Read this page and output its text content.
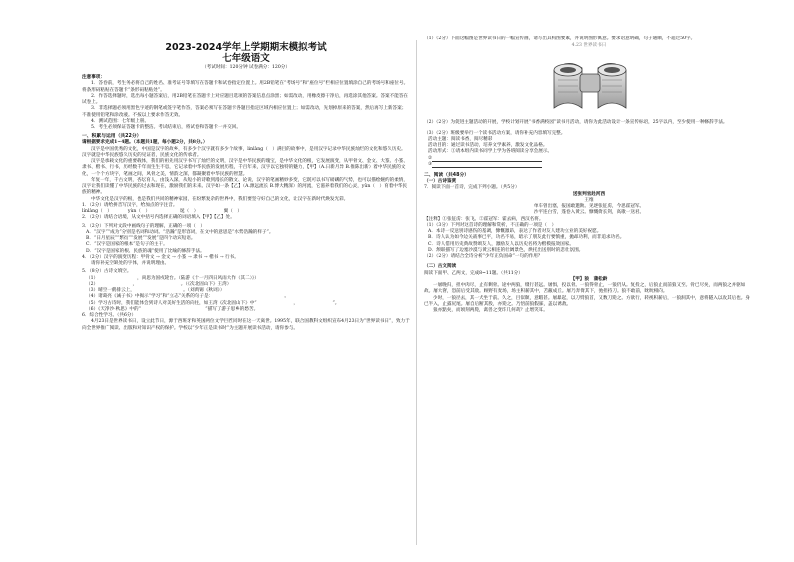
2023-2024学年上学期期末模拟考试
七年级语文
（考试时间：120分钟 试卷满分：120分）

注意事项：

1．答卷前，考生务必将自己的姓名、准考证号等填写在答题卡和试卷指定位置上。用2B铅笔在“考场号”和“座位号”栏相应位置填涂自己的考场号和座位号。将条形码粘贴在答题卡“条形码粘贴处”。

2．作答选择题时，选出每小题答案后，用2B铅笔在答题卡上对应题目选项的答案信息点涂黑；如需改动，用橡皮擦干净后，再选涂其他答案。答案不能答在试卷上。

3．非选择题必须用黑色字迹的钢笔或签字笔作答，答案必须写在答题卡各题目指定区域内相应位置上；如需改动，先划掉原来的答案，然后再写上新答案；不准使用铅笔和涂改液。不按以上要求作答无效。

4．测试范围：七年级上册。

5．考生必须保证答题卡的整洁。考试结束后，将试卷和答题卡一并交回。

一、积累与运用（共22分）

请根据要求完成1~4题。（本题共1题，每小题2分，共8分。）

汉字是中国优秀的文化，中国是汉字的故乡，有多少个汉字就有多少个故事，linlàng（　）满目的故事中，是用汉字记录中华民族灿烂的文化和悠久历史。汉字就是中华民族悠久历史的见证者，民族文化的传承者。

汉字是承载文化的重要载体，我们的祖先用汉字书写了灿烂的文明，汉字是中华民族的瑰宝，是中华文化的根，它发展演变，从甲骨文、金文、大篆、小篆、隶书、楷书、行书，历经数千年而生生不息，它记录着中华民族的发展历程，千百年来，汉字以它独特的魅力，【甲】（A.日新月异 B.推陈出新）着中华民族的文化，一个个方块字，笔画之间，风骨之美，情韵之深，都凝聚着中华民族的智慧。

年复一年，千古文明，杏坛育人，由浅入深，从短小的诗歌到漫长的散文、论说，汉字的笔画精妙多变，它既可以书写磅礴的气势，也可以描绘婉约的柔情，汉字让我们读懂了中华民族的过去和现在，激励我们的未来。汉字如一条【乙】（A.源远流长 B.博大精深）的河流，它滋养着我们的心灵，yǔn（　）育着中华民族的精神。

中华文化是汉字的根，也是我们共同的精神家园，在纷繁复杂的世界中，我们要坚守好自己的文化，让汉字在新时代焕发光彩。

1．（2分）请给拼音写汉字，给加点的字注音。

línlàng（　）　　　　yùn（　）　　　　　　　诞（　）　　　　　　翼（　）

2．（2分）请结合语境，从文中括号内选择正确的词语填入【甲】【乙】处。

3．（2分）下列对文段中画线句子的理解，正确的一项（　）

A．“汉字”“成为”分别是名词和动词。“浩瀚”是形容词，在文中的意思是“水势浩瀚的样子”。

B．“日月星辰”“繁衍”“发展”“发展”是四个动宾短语。

C．“汉字是国家的根本”是句子的主干。

D．“汉字是国家的根、民族的魂”使用了比喻的修辞手法。

4．（2分）汉字的演变历程：甲骨文 → 金文 → 小篆 → 隶书 → 楷书 → 行书。

请你补充空缺处的字体，并说明理由。

5．（8分）古诗文填空。

（1）　　　　　　　　　，尚思为国戍轮台。（陆游《十一月四日风雨大作（其二）》）

（2）　　　　　　　　，　　　　　　　　　　。（《次北固山下》王湾）

（3）晴空一鹤排云上，　　　　　　　　　　　。（刘禹锡《秋词》）

（4）诸葛亮《诫子书》中揭示“学习”和“立志”关系的句子是：　　　　　　　　　　　　　　　　。

（5）学习古诗时，我们能体会到诗人对美好生活的向往，如王湾《次北固山下》中“　　　　　　　　，　　　　　　　　”。

（6）《天净沙·秋思》中的“　　　　　　　　　　　　　　”描写了游子思乡的愁苦。

6．综合性学习。（共6分）

4月23日是世界读书日，设立此节日，源于西班牙和英国两位文学巨匠同时在这一天离世。1995年，联合国教科文组织宣布4月23日为“世界读书日”，致力于向全世界推广阅读、出版和对知识产权的保护。学校以“少年正是读书时”为主题开展读书活动，请你参与。

（1）（2分）下面这幅图是世界读书日的一幅宣传画，请写出其构图要素，并说明图形寓意。要求语意明确，句子通顺，不超过50字。

4.23 世界读书日

（2）（2分）为促进主题活动的开展，学校计划开展“书香满校园”读书月活动，请你为此活动设计一条宣传标语，25字以内，至少使用一种修辞手法。

（3）（2分）班级要举行一个读书活动方案，请你补充内容填写完整。

活动主题：阅读书香，阅尽精彩

活动目的：通过读书活动，培养文学素养，激发文化品格。

活动形式：①请本组内读书同学上学为各班阅读分享会展示。

②

③

二、阅读（共48分）

（一）古诗鉴赏

7．阅读下面一首诗，完成下列小题。（共5分）

送张判官赴河西

王维

单车曾出塞，报国敢邀勋。见逐张征虏，今思霍冠军。

沙平连白雪，蓬卷入黄云。慷慨倚长剑，高歌一送君。

【注释】①张征虏：张飞。②霍冠军：霍去病，西汉名将。

（1）（3分）下列对这首诗的理解和赏析，不正确的一项是（　）

A．本诗一反送别诗感伤的基调，慷慨激昂，表达了作者对友人建功立业的美好祝愿。

B．诗人认为如今边关战事已平，功名不易，暗示了朋友此行要慎重，抛却功利，而非追求功名。

C．诗人借用历史典故赞颂友人，激励友人以历史名将为楷模报效国家。

D．颔联描写了边塞沙漠与黄云相连的壮阔景色，烘托出送别时的悲壮氛围。

（2）（2分）请结合全诗分析“少年正负国命”一句的作用？

（二）古文阅读

阅读下面甲、乙两文，完成8~11题。（共11分）

【甲】狼　蒲松龄

一屠晚归，担中肉尽，止有剩骨。途中两狼，缀行甚远。屠惧，投以骨。一狼得骨止，一狼仍从。复投之，后狼止而前狼又至。骨已尽矣，而两狼之并驱如故。屠大窘，恐前后受其敌。顾野有麦场，场主积薪其中，苫蔽成丘。屠乃奔倚其下，弛担持刀。狼不敢前，眈眈相向。

少时，一狼径去，其一犬坐于前。久之，目似瞑，意暇甚。屠暴起，以刀劈狼首，又数刀毙之。方欲行，转视积薪后，一狼洞其中，意将隧入以攻其后也。身已半入，止露尻尾。屠自后断其股，亦毙之。乃悟前狼假寐，盖以诱敌。

狼亦黠矣，而顷刻两毙，禽兽之变诈几何哉？止增笑耳。
